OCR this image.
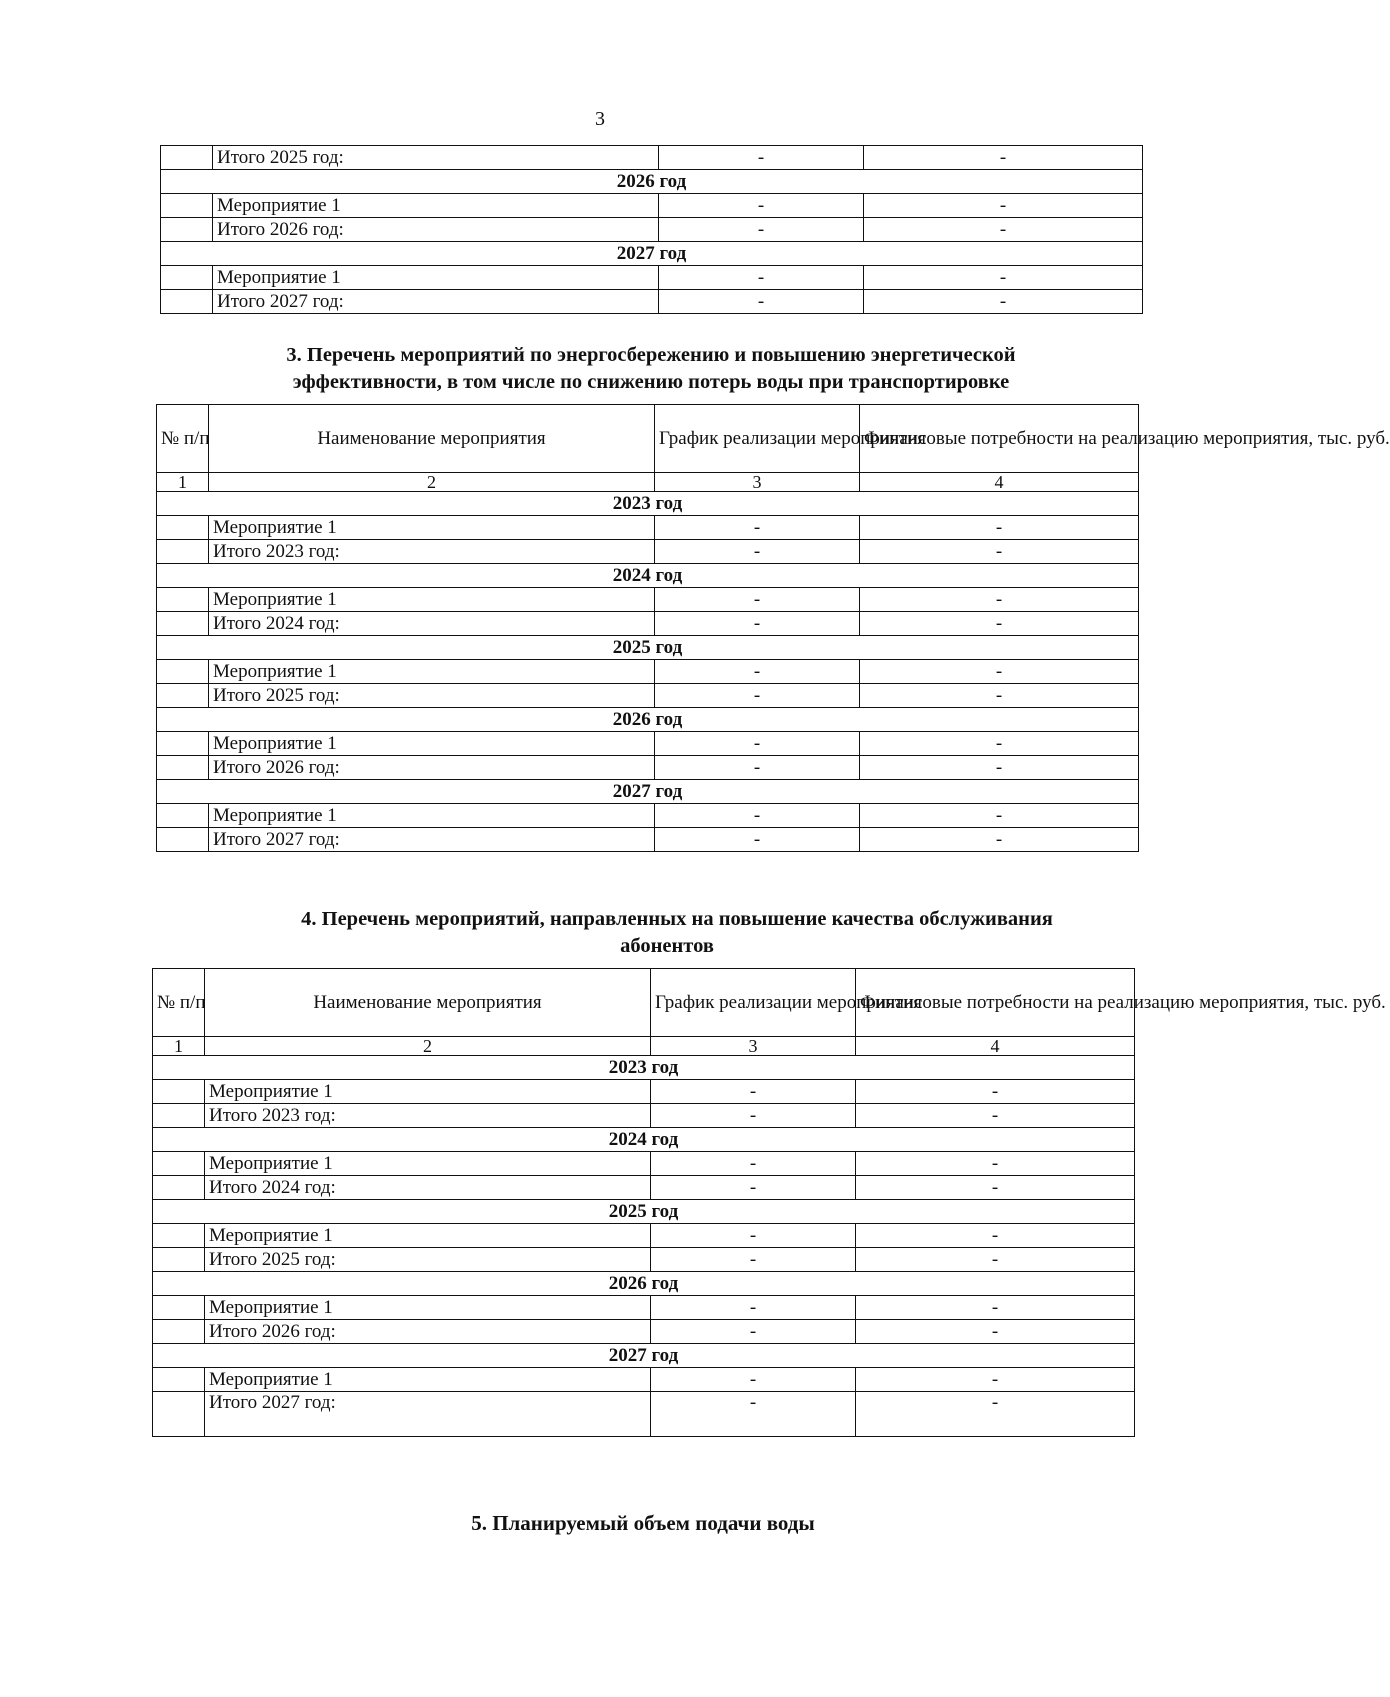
3
	Итого 2025 год:	-	-
2026 год			
	Мероприятие 1	-	-
	Итого 2026 год:	-	-
2027 год			
	Мероприятие 1	-	-
	Итого 2027 год:	-	-
3. Перечень мероприятий по энергосбережению и повышению энергетической
эффективности, в том числе по снижению потерь воды при транспортировке
№ п/п	Наименование мероприятия	График реализации мероприятия	Финансовые потребности на реализацию мероприятия, тыс. руб.
1	2	3	4
2023 год			
	Мероприятие 1	-	-
	Итого 2023 год:	-	-
2024 год			
	Мероприятие 1	-	-
	Итого 2024 год:	-	-
2025 год			
	Мероприятие 1	-	-
	Итого 2025 год:	-	-
2026 год			
	Мероприятие 1	-	-
	Итого 2026 год:	-	-
2027 год			
	Мероприятие 1	-	-
	Итого 2027 год:	-	-
4. Перечень мероприятий, направленных на повышение качества обслуживания
абонентов
№ п/п	Наименование мероприятия	График реализации мероприятия	Финансовые потребности на реализацию мероприятия, тыс. руб.
1	2	3	4
2023 год			
	Мероприятие 1	-	-
	Итого 2023 год:	-	-
2024 год			
	Мероприятие 1	-	-
	Итого 2024 год:	-	-
2025 год			
	Мероприятие 1	-	-
	Итого 2025 год:	-	-
2026 год			
	Мероприятие 1	-	-
	Итого 2026 год:	-	-
2027 год			
	Мероприятие 1	-	-
	Итого 2027 год:	-	-
5. Планируемый объем подачи воды
